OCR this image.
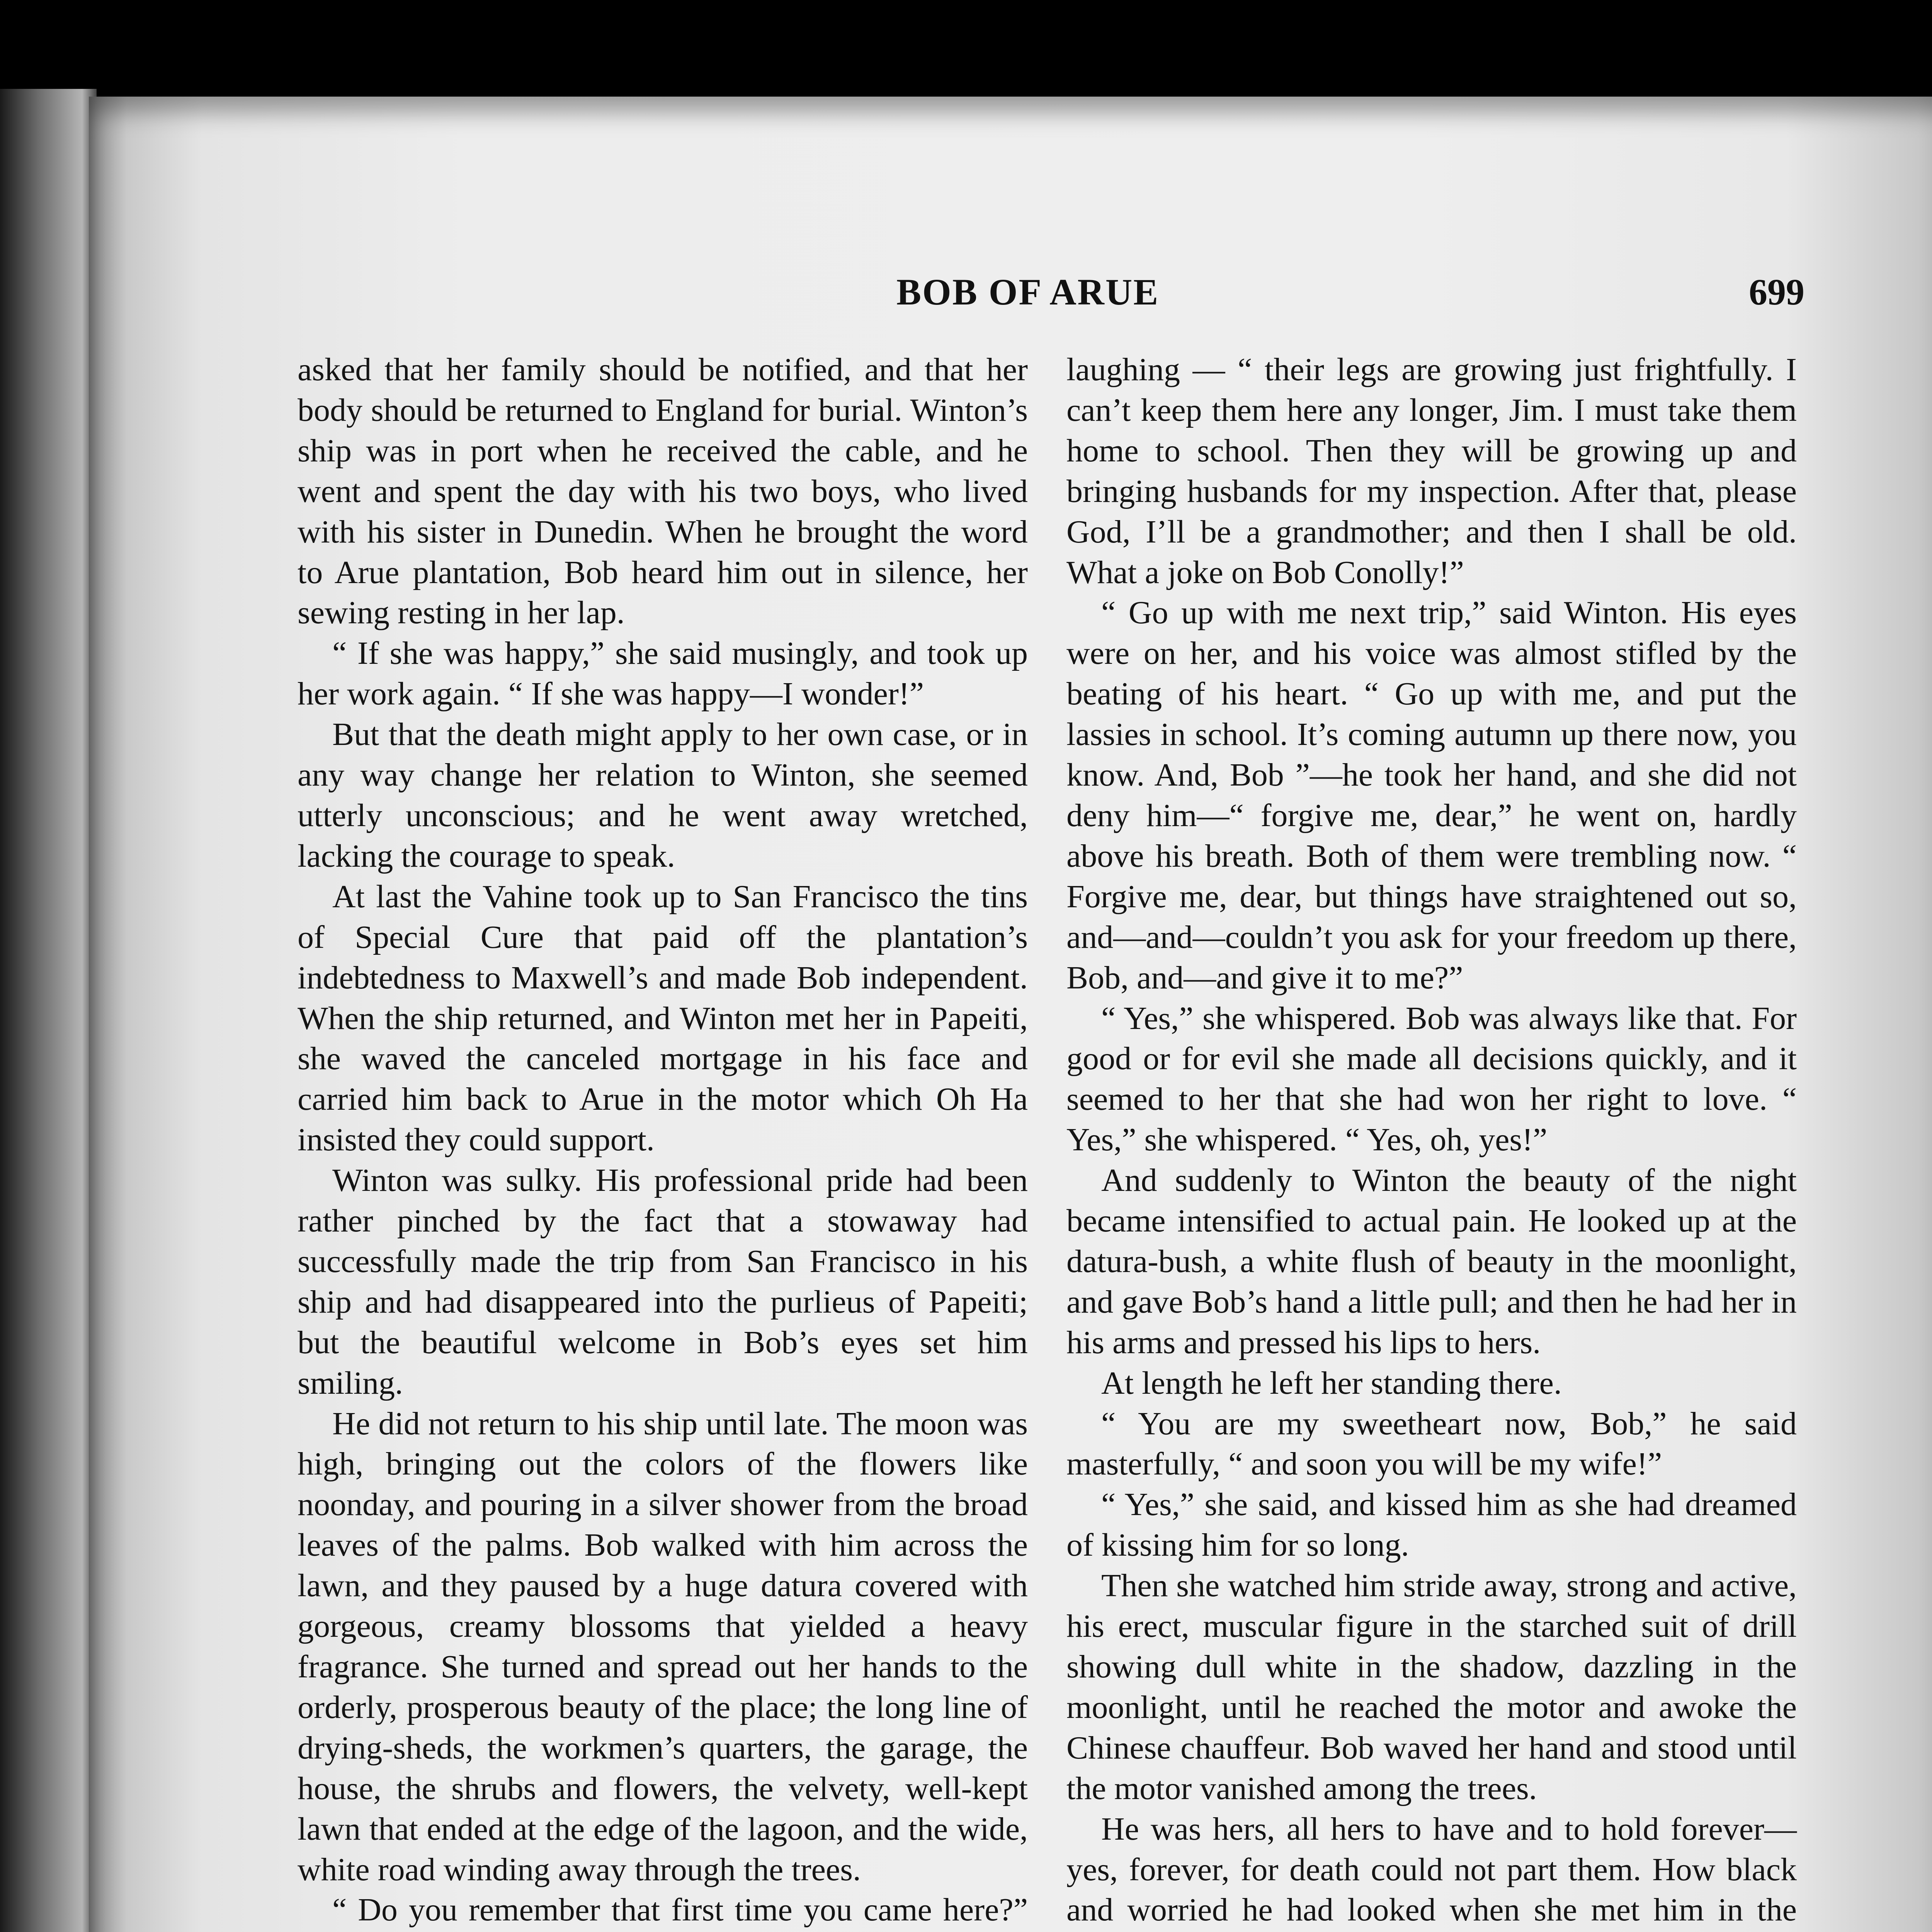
BOB OF ARUE	699

asked that her family should be notified, and that her body should be returned to England for burial. Winton’s ship was in port when he received the cable, and he went and spent the day with his two boys, who lived with his sister in Dunedin. When he brought the word to Arue plantation, Bob heard him out in silence, her sewing resting in her lap.

“ If she was happy,” she said musingly, and took up her work again. “ If she was happy—I wonder!”

But that the death might apply to her own case, or in any way change her relation to Winton, she seemed utterly unconscious; and he went away wretched, lacking the courage to speak.

At last the Vahine took up to San Francisco the tins of Special Cure that paid off the plantation’s indebtedness to Maxwell’s and made Bob independent. When the ship returned, and Winton met her in Papeiti, she waved the canceled mortgage in his face and carried him back to Arue in the motor which Oh Ha insisted they could support.

Winton was sulky. His professional pride had been rather pinched by the fact that a stowaway had successfully made the trip from San Francisco in his ship and had disappeared into the purlieus of Papeiti; but the beautiful welcome in Bob’s eyes set him smiling.

He did not return to his ship until late. The moon was high, bringing out the colors of the flowers like noonday, and pouring in a silver shower from the broad leaves of the palms. Bob walked with him across the lawn, and they paused by a huge datura covered with gorgeous, creamy blossoms that yielded a heavy fragrance. She turned and spread out her hands to the orderly, prosperous beauty of the place; the long line of drying-sheds, the workmen’s quarters, the garage, the house, the shrubs and flowers, the velvety, well-kept lawn that ended at the edge of the lagoon, and the wide, white road winding away through the trees.

“ Do you remember that first time you came here?”

laughing — “ their legs are growing just frightfully. I can’t keep them here any longer, Jim. I must take them home to school. Then they will be growing up and bringing husbands for my inspection. After that, please God, I’ll be a grandmother; and then I shall be old. What a joke on Bob Conolly!”

“ Go up with me next trip,” said Winton. His eyes were on her, and his voice was almost stifled by the beating of his heart. “ Go up with me, and put the lassies in school. It’s coming autumn up there now, you know. And, Bob ”—he took her hand, and she did not deny him—“ forgive me, dear,” he went on, hardly above his breath. Both of them were trembling now. “ Forgive me, dear, but things have straightened out so, and—and—couldn’t you ask for your freedom up there, Bob, and—and give it to me?”

“ Yes,” she whispered. Bob was always like that. For good or for evil she made all decisions quickly, and it seemed to her that she had won her right to love. “ Yes,” she whispered. “ Yes, oh, yes!”

And suddenly to Winton the beauty of the night became intensified to actual pain. He looked up at the datura-bush, a white flush of beauty in the moonlight, and gave Bob’s hand a little pull; and then he had her in his arms and pressed his lips to hers.

At length he left her standing there.

“ You are my sweetheart now, Bob,” he said masterfully, “ and soon you will be my wife!”

“ Yes,” she said, and kissed him as she had dreamed of kissing him for so long.

Then she watched him stride away, strong and active, his erect, muscular figure in the starched suit of drill showing dull white in the shadow, dazzling in the moonlight, until he reached the motor and awoke the Chinese chauffeur. Bob waved her hand and stood until the motor vanished among the trees.

He was hers, all hers to have and to hold forever—yes, forever, for death could not part them. How black and worried he had looked when she met him in the
